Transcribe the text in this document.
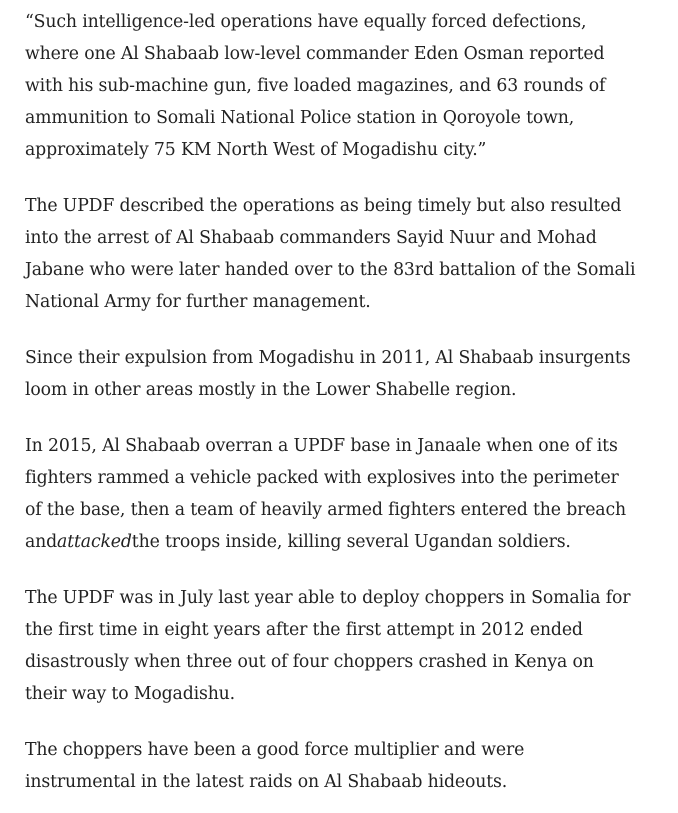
“Such intelligence-led operations have equally forced defections, where one Al Shabaab low-level commander Eden Osman reported with his sub-machine gun, five loaded magazines, and 63 rounds of ammunition to Somali National Police station in Qoroyole town, approximately 75 KM North West of Mogadishu city.”

The UPDF described the operations as being timely but also resulted into the arrest of Al Shabaab commanders Sayid Nuur and Mohad Jabane who were later handed over to the 83rd battalion of the Somali National Army for further management.

Since their expulsion from Mogadishu in 2011, Al Shabaab insurgents loom in other areas mostly in the Lower Shabelle region.

In 2015, Al Shabaab overran a UPDF base in Janaale when one of its fighters rammed a vehicle packed with explosives into the perimeter of the base, then a team of heavily armed fighters entered the breach andattackedthe troops inside, killing several Ugandan soldiers.

The UPDF was in July last year able to deploy choppers in Somalia for the first time in eight years after the first attempt in 2012 ended disastrously when three out of four choppers crashed in Kenya on their way to Mogadishu.

The choppers have been a good force multiplier and were instrumental in the latest raids on Al Shabaab hideouts.
